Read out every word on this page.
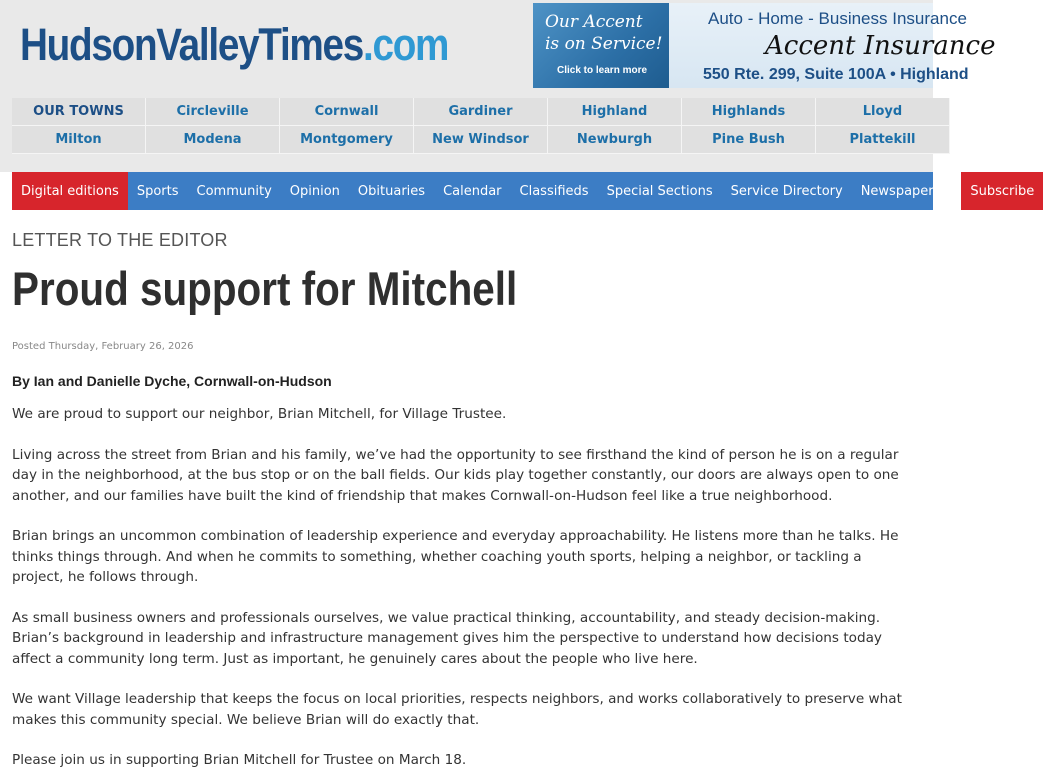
HudsonValleyTimes.com	Our Accent
is on Service!
Click to learn more
Auto - Home - Business Insurance
Accent Insurance
550 Rte. 299, Suite 100A • Highland
OUR TOWNS	Circleville	Cornwall	Gardiner	Highland	Highlands	Lloyd
Milton	Modena	Montgomery	New Windsor	Newburgh	Pine Bush	Plattekill
Digital editions	Sports	Community	Opinion	Obituaries	Calendar	Classifieds	Special Sections	Service Directory	Newspapers ▼	Subscribe
LETTER TO THE EDITOR
Proud support for Mitchell
Posted Thursday, February 26, 2026
By Ian and Danielle Dyche, Cornwall-on-Hudson

We are proud to support our neighbor, Brian Mitchell, for Village Trustee.

Living across the street from Brian and his family, we’ve had the opportunity to see firsthand the kind of person he is on a regular day in the neighborhood, at the bus stop or on the ball fields. Our kids play together constantly, our doors are always open to one another, and our families have built the kind of friendship that makes Cornwall-on-Hudson feel like a true neighborhood.

Brian brings an uncommon combination of leadership experience and everyday approachability. He listens more than he talks. He thinks things through. And when he commits to something, whether coaching youth sports, helping a neighbor, or tackling a project, he follows through.

As small business owners and professionals ourselves, we value practical thinking, accountability, and steady decision-making. Brian’s background in leadership and infrastructure management gives him the perspective to understand how decisions today affect a community long term. Just as important, he genuinely cares about the people who live here.

We want Village leadership that keeps the focus on local priorities, respects neighbors, and works collaboratively to preserve what makes this community special. We believe Brian will do exactly that.

Please join us in supporting Brian Mitchell for Trustee on March 18.
